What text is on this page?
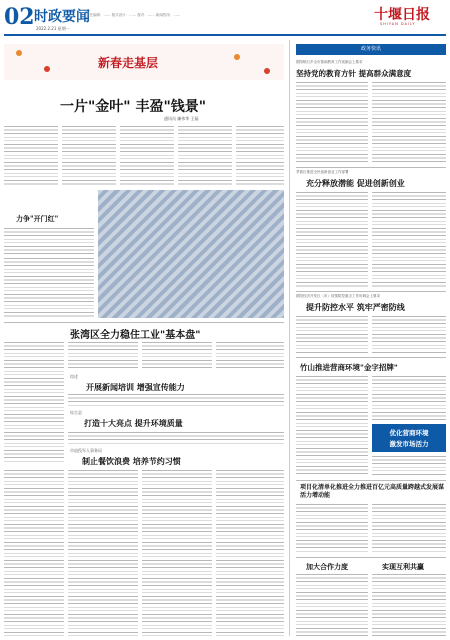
02 时政要闻
2022.2.21 星期一
责任编辑：…… 版式设计：…… 校对：…… 新闻热线：……	十堰日报
SHIYAN DAILY
新春走基层
政务快讯
一片"金叶" 丰盈"钱景"
通讯员 廉伟华 王磊
力争"开门红"
张湾区全力稳住工业"基本盘"
综述
开展新闻培训 增强宣传能力
综合县
打造十大亮点 提升环境质量
市退役军人事务局
制止餐饮浪费 培养节约习惯
郧阳峡石乡全市基础教育工作视频会上要求
坚持党的教育方针 提高群众满意度
茅箭区推进全民创新创业工作部署
充分释放潜能 促进创新创业
郧阳经济开发区（市）疫情防控重点工作协调会上要求
提升防控水平 筑牢严密防线
竹山推进营商环境"金字招牌"
优化营商环境
激发市场活力
项目化清单化推进全力推进百亿元高质量跨越式发展谋活力增动能
加大合作力度	实现互利共赢
